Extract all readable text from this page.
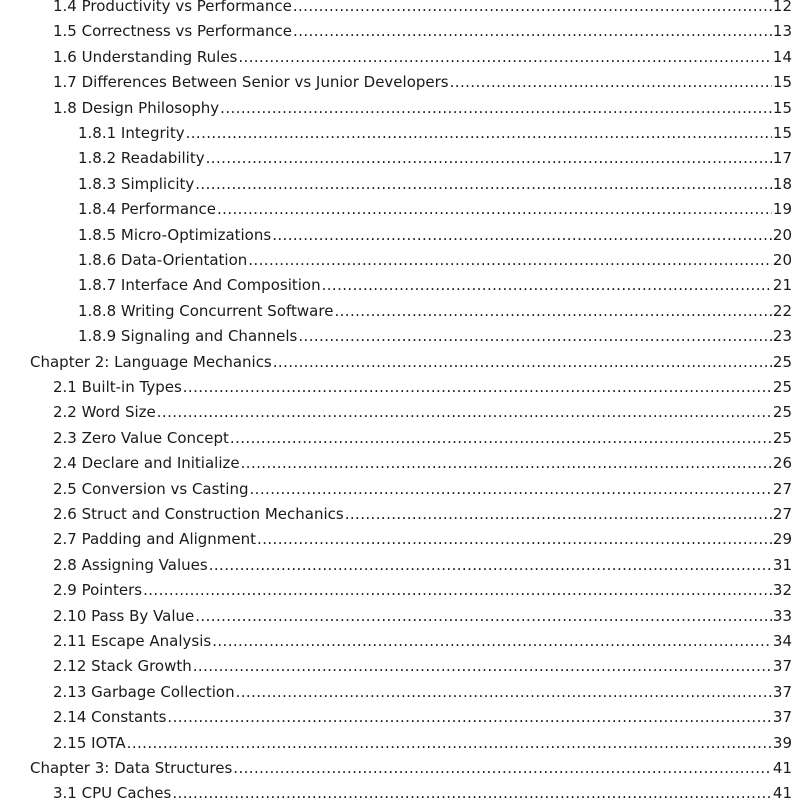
1.4 Productivity vs Performance .....	12
1.5 Correctness vs Performance .....	13
1.6 Understanding Rules .....	14
1.7 Differences Between Senior vs Junior Developers .....	15
1.8 Design Philosophy .....	15
1.8.1 Integrity .....	15
1.8.2 Readability .....	17
1.8.3 Simplicity .....	18
1.8.4 Performance .....	19
1.8.5 Micro-Optimizations .....	20
1.8.6 Data-Orientation .....	20
1.8.7 Interface And Composition .....	21
1.8.8 Writing Concurrent Software .....	22
1.8.9 Signaling and Channels .....	23
Chapter 2: Language Mechanics .....	25
2.1 Built-in Types .....	25
2.2 Word Size .....	25
2.3 Zero Value Concept .....	25
2.4 Declare and Initialize .....	26
2.5 Conversion vs Casting .....	27
2.6 Struct and Construction Mechanics .....	27
2.7 Padding and Alignment .....	29
2.8 Assigning Values .....	31
2.9 Pointers .....	32
2.10 Pass By Value .....	33
2.11 Escape Analysis .....	34
2.12 Stack Growth .....	37
2.13 Garbage Collection .....	37
2.14 Constants .....	37
2.15 IOTA .....	39
Chapter 3: Data Structures .....	41
3.1 CPU Caches .....	41
